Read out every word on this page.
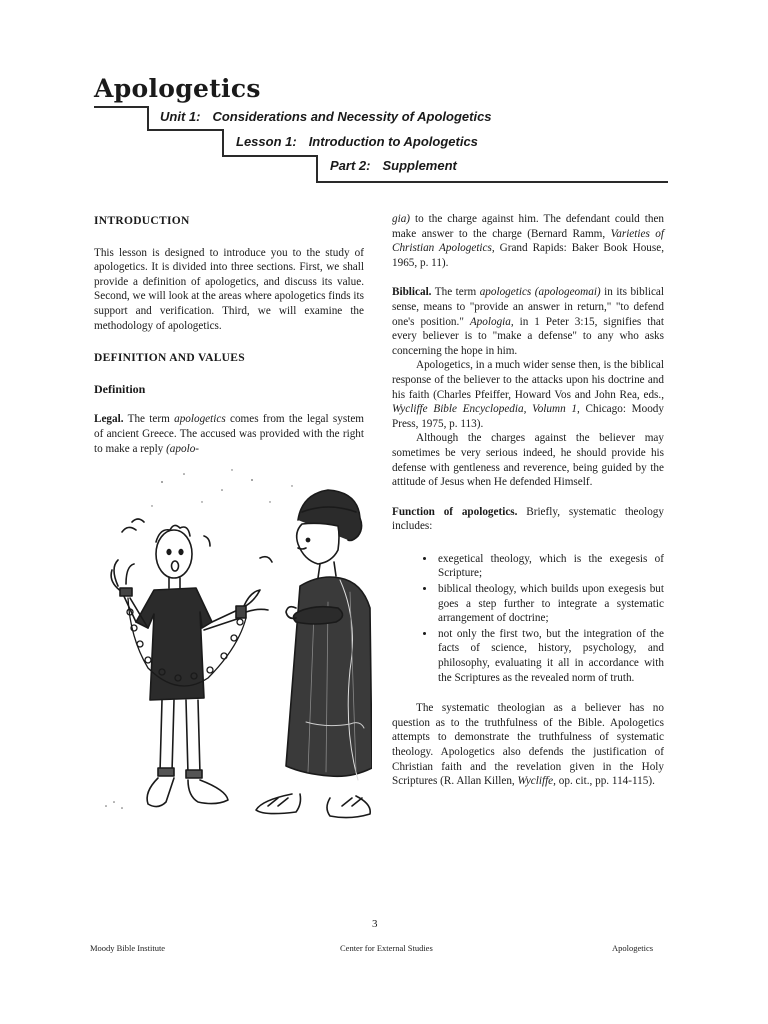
Apologetics
Unit 1: Considerations and Necessity of Apologetics
Lesson 1: Introduction to Apologetics
Part 2: Supplement

INTRODUCTION

This lesson is designed to introduce you to the study of apologetics. It is divided into three sections. First, we shall provide a definition of apologetics, and discuss its value. Second, we will look at the areas where apologetics finds its support and verification. Third, we will examine the methodology of apologetics.

DEFINITION AND VALUES

Definition

Legal. The term apologetics comes from the legal system of ancient Greece. The accused was provided with the right to make a reply (apolo-

gia) to the charge against him. The defendant could then make answer to the charge (Bernard Ramm, Varieties of Christian Apologetics, Grand Rapids: Baker Book House, 1965, p. 11).

Biblical. The term apologetics (apologeomai) in its biblical sense, means to "provide an answer in return," "to defend one's position." Apologia, in 1 Peter 3:15, signifies that every believer is to "make a defense" to any who asks concerning the hope in him.

Apologetics, in a much wider sense then, is the biblical response of the believer to the attacks upon his doctrine and his faith (Charles Pfeiffer, Howard Vos and John Rea, eds., Wycliffe Bible Encyclopedia, Volumn 1, Chicago: Moody Press, 1975, p. 113).

Although the charges against the believer may sometimes be very serious indeed, he should provide his defense with gentleness and reverence, being guided by the attitude of Jesus when He defended Himself.

Function of apologetics. Briefly, systematic theology includes:

• exegetical theology, which is the exegesis of Scripture;
• biblical theology, which builds upon exegesis but goes a step further to integrate a systematic arrangement of doctrine;
• not only the first two, but the integration of the facts of science, history, psychology, and philosophy, evaluating it all in accordance with the Scriptures as the revealed norm of truth.

The systematic theologian as a believer has no question as to the truthfulness of the Bible. Apologetics attempts to demonstrate the truthfulness of systematic theology. Apologetics also defends the justification of Christian faith and the revelation given in the Holy Scriptures (R. Allan Killen, Wycliffe, op. cit., pp. 114-115).

3
Moody Bible Institute	Center for External Studies	Apologetics
